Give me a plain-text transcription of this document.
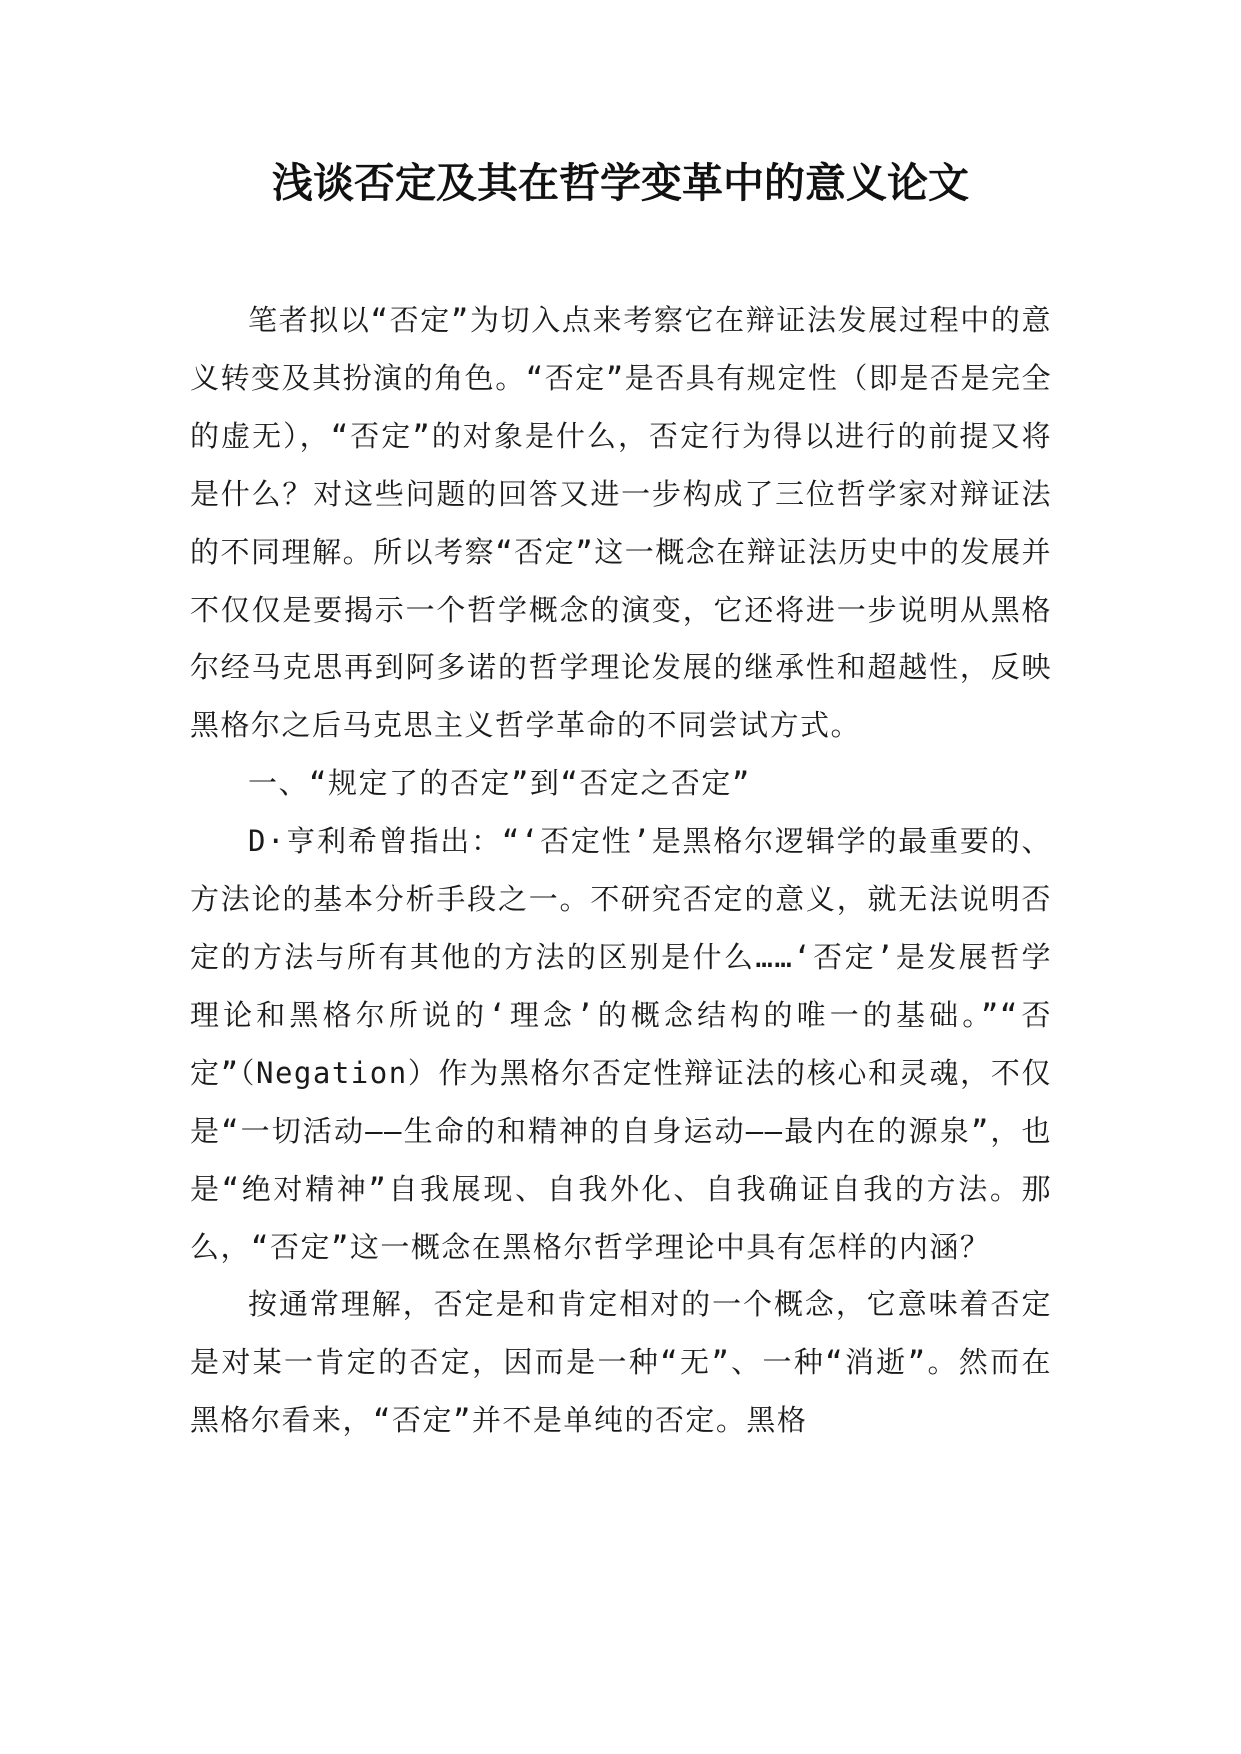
浅谈否定及其在哲学变革中的意义论文

笔者拟以“否定”为切入点来考察它在辩证法发展过程中的意义转变及其扮演的角色。“否定”是否具有规定性（即是否是完全的虚无），“否定”的对象是什么，否定行为得以进行的前提又将是什么？对这些问题的回答又进一步构成了三位哲学家对辩证法的不同理解。所以考察“否定”这一概念在辩证法历史中的发展并不仅仅是要揭示一个哲学概念的演变，它还将进一步说明从黑格尔经马克思再到阿多诺的哲学理论发展的继承性和超越性，反映黑格尔之后马克思主义哲学革命的不同尝试方式。

一、“规定了的否定”到“否定之否定”

D·亨利希曾指出：“‘否定性’是黑格尔逻辑学的最重要的、方法论的基本分析手段之一。不研究否定的意义，就无法说明否定的方法与所有其他的方法的区别是什么……‘否定’是发展哲学理论和黑格尔所说的‘理念’的概念结构的唯一的基础。”“否定”（Negation）作为黑格尔否定性辩证法的核心和灵魂，不仅是“一切活动——生命的和精神的自身运动——最内在的源泉”，也是“绝对精神”自我展现、自我外化、自我确证自我的方法。那么，“否定”这一概念在黑格尔哲学理论中具有怎样的内涵？

按通常理解，否定是和肯定相对的一个概念，它意味着否定是对某一肯定的否定，因而是一种“无”、一种“消逝”。然而在黑格尔看来，“否定”并不是单纯的否定。黑格
